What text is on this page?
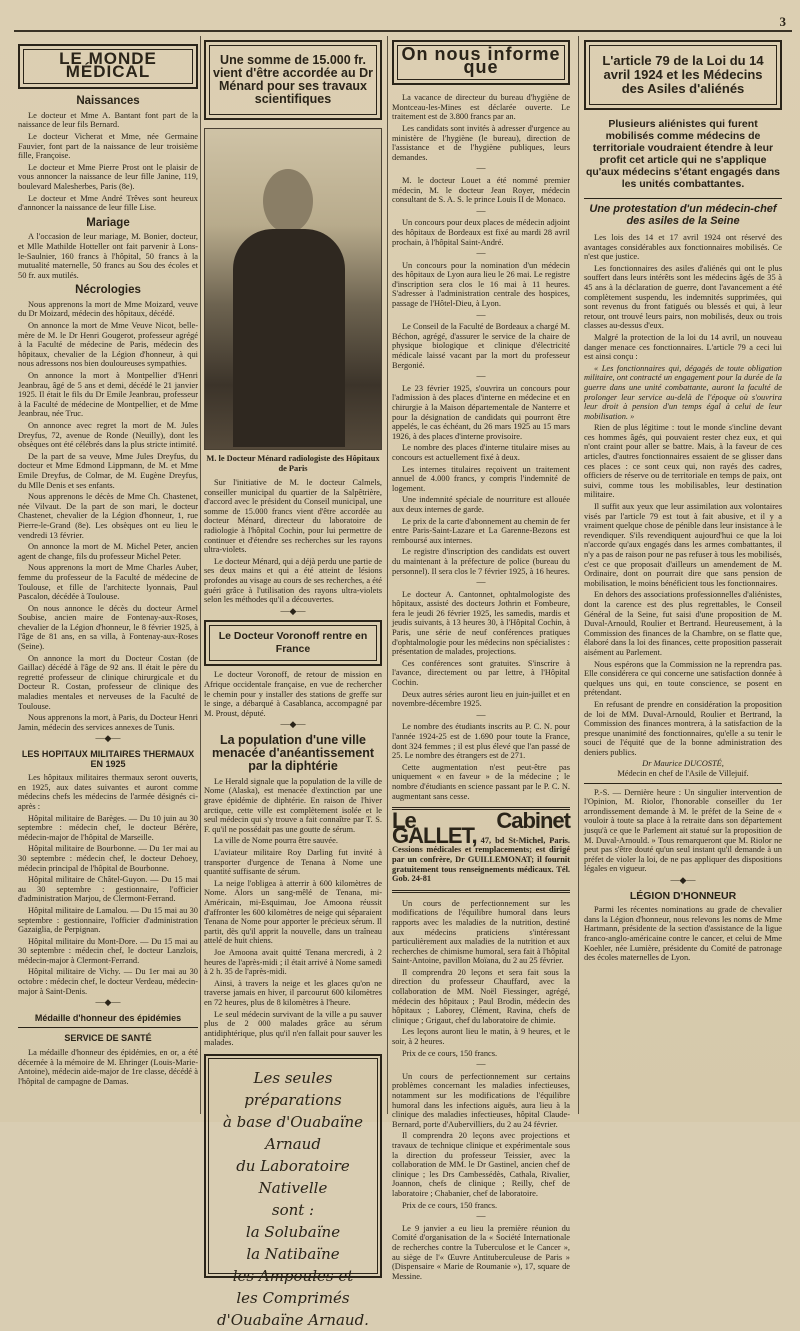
3
LE MONDE MÉDICAL
Naissances

Le docteur et Mme A. Bantant font part de la naissance de leur fils Bernard.

Le docteur Vicherat et Mme, née Germaine Fauvier, font part de la naissance de leur troisième fille, Françoise.

Le docteur et Mme Pierre Prost ont le plaisir de vous annoncer la naissance de leur fille Janine, 119, boulevard Malesherbes, Paris (8e).

Le docteur et Mme André Trêves sont heureux d'annoncer la naissance de leur fille Lise.

Mariage

A l'occasion de leur mariage, M. Bonier, docteur, et Mlle Mathilde Hotteller ont fait parvenir à Lons-le-Saulnier, 160 francs à l'hôpital, 50 francs à la mutualité maternelle, 50 francs au Sou des écoles et 50 fr. aux mutilés.

Nécrologies

Nous apprenons la mort de Mme Moizard, veuve du Dr Moizard, médecin des hôpitaux, décédé.

On annonce la mort de Mme Veuve Nicot, belle-mère de M. le Dr Henri Gougerot, professeur agrégé à la Faculté de médecine de Paris, médecin des hôpitaux, chevalier de la Légion d'honneur, à qui nous adressons nos bien douloureuses sympathies.

On annonce la mort à Montpellier d'Henri Jeanbrau, âgé de 5 ans et demi, décédé le 21 janvier 1925. Il était le fils du Dr Emile Jeanbrau, professeur à la Faculté de médecine de Montpellier, et de Mme Jeanbrau, née Truc.

On annonce avec regret la mort de M. Jules Dreyfus, 72, avenue de Ronde (Neuilly), dont les obsèques ont été célébrés dans la plus stricte intimité.

De la part de sa veuve, Mme Jules Dreyfus, du docteur et Mme Edmond Lippmann, de M. et Mme Emile Dreyfus, de Colmar, de M. Eugène Dreyfus, du Mlle Denis et ses enfants.

Nous apprenons le décès de Mme Ch. Chastenet, née Vilvaut. De la part de son mari, le docteur Chastenet, chevalier de la Légion d'honneur, 1, rue Pierre-le-Grand (8e). Les obsèques ont eu lieu le vendredi 13 février.

On annonce la mort de M. Michel Peter, ancien agent de change, fils du professeur Michel Peter.

Nous apprenons la mort de Mme Charles Auber, femme du professeur de la Faculté de médecine de Toulouse, et fille de l'architecte lyonnais, Paul Pascalon, décédée à Toulouse.

On nous annonce le décès du docteur Armel Soubise, ancien maire de Fontenay-aux-Roses, chevalier de la Légion d'honneur, le 8 février 1925, à l'âge de 81 ans, en sa villa, à Fontenay-aux-Roses (Seine).

On annonce la mort du Docteur Costan (de Gaillac) décédé à l'âge de 92 ans. Il était le père du regretté professeur de clinique chirurgicale et du Docteur R. Costan, professeur de clinique des maladies mentales et nerveuses de la Faculté de Toulouse.

Nous apprenons la mort, à Paris, du Docteur Henri Jamin, médecin des services annexes de Tunis.

—◆—
LES HOPITAUX MILITAIRES THERMAUX EN 1925

Les hôpitaux militaires thermaux seront ouverts, en 1925, aux dates suivantes et auront comme médecins chefs les médecins de l'armée désignés ci-après :

Hôpital militaire de Barèges. — Du 10 juin au 30 septembre : médecin chef, le docteur Bérère, médecin-major de l'hôpital de Marseille.

Hôpital militaire de Bourbonne. — Du 1er mai au 30 septembre : médecin chef, le docteur Dehoey, médecin principal de l'hôpital de Bourbonne.

Hôpital militaire de Châtel-Guyon. — Du 15 mai au 30 septembre : gestionnaire, l'officier d'administration Marjou, de Clermont-Ferrand.

Hôpital militaire de Lamalou. — Du 15 mai au 30 septembre : gestionnaire, l'officier d'administration Gazaiglia, de Perpignan.

Hôpital militaire du Mont-Dore. — Du 15 mai au 30 septembre : médecin chef, le docteur Lanzlois, médecin-major à Clermont-Ferrand.

Hôpital militaire de Vichy. — Du 1er mai au 30 octobre : médecin chef, le docteur Verdeau, médecin-major à Saint-Denis.

—◆—
Médaille d'honneur des épidémies
SERVICE DE SANTÉ

La médaille d'honneur des épidémies, en or, a été décernée à la mémoire de M. Ehringer (Louis-Marie-Antoine), médecin aide-major de 1re classe, décédé à l'hôpital de campagne de Damas.

Une somme de 15.000 fr. vient d'être accordée au Dr Ménard pour ses travaux scientifiques
M. le Docteur Ménard radiologiste des Hôpitaux de Paris

Sur l'initiative de M. le docteur Calmels, conseiller municipal du quartier de la Salpêtrière, d'accord avec le président du Conseil municipal, une somme de 15.000 francs vient d'être accordée au docteur Ménard, directeur du laboratoire de radiologie à l'hôpital Cochin, pour lui permettre de continuer et d'étendre ses recherches sur les rayons ultra-violets.

Le docteur Ménard, qui a déjà perdu une partie de ses deux mains et qui a été atteint de lésions profondes au visage au cours de ses recherches, a été guéri grâce à l'utilisation des rayons ultra-violets selon les méthodes qu'il a découvertes.

—◆—
Le Docteur Voronoff rentre en France

Le docteur Voronoff, de retour de mission en Afrique occidentale française, en vue de rechercher le chemin pour y installer des stations de greffe sur le singe, a débarqué à Casablanca, accompagné par M. Proust, député.

—◆—
La population d'une ville menacée d'anéantissement par la diphtérie

Le Herald signale que la population de la ville de Nome (Alaska), est menacée d'extinction par une grave épidémie de diphtérie. En raison de l'hiver arctique, cette ville est complètement isolée et le seul médecin qui s'y trouve a fait connaître par T. S. F. qu'il ne possédait pas une goutte de sérum.

La ville de Nome pourra être sauvée.

L'aviateur militaire Roy Darling fut invité à transporter d'urgence de Tenana à Nome une quantité suffisante de sérum.

La neige l'obligea à atterrir à 600 kilomètres de Nome. Alors un sang-mêlé de Tenana, mi-Américain, mi-Esquimau, Joe Amoona réussit d'affronter les 600 kilomètres de neige qui séparaient Tenana de Nome pour apporter le précieux sérum. Il partit, dès qu'il apprit la nouvelle, dans un traîneau attelé de huit chiens.

Joe Amoona avait quitté Tenana mercredi, à 2 heures de l'après-midi ; il était arrivé à Nome samedi à 2 h. 35 de l'après-midi.

Ainsi, à travers la neige et les glaces qu'on ne traverse jamais en hiver, il parcourut 600 kilomètres en 72 heures, plus de 8 kilomètres à l'heure.

Le seul médecin survivant de la ville a pu sauver plus de 2 000 malades grâce au sérum antidiphtérique, plus qu'il n'en fallait pour sauver les malades.

Les seules préparations
à base d'Ouabaïne Arnaud
du Laboratoire Nativelle
sont :
la Solubaïne
la Natibaïne
les Ampoules et
les Comprimés
d'Ouabaïne Arnaud.
On nous informe que

La vacance de directeur du bureau d'hygiène de Montceau-les-Mines est déclarée ouverte. Le traitement est de 3.800 francs par an.

Les candidats sont invités à adresser d'urgence au ministère de l'hygiène (le bureau), direction de l'assistance et de l'hygiène publiques, leurs demandes.

—

M. le docteur Louet a été nommé premier médecin, M. le docteur Jean Royer, médecin consultant de S. A. S. le prince Louis II de Monaco.

—

Un concours pour deux places de médecin adjoint des hôpitaux de Bordeaux est fixé au mardi 28 avril prochain, à l'hôpital Saint-André.

—

Un concours pour la nomination d'un médecin des hôpitaux de Lyon aura lieu le 26 mai. Le registre d'inscription sera clos le 16 mai à 11 heures. S'adresser à l'administration centrale des hospices, passage de l'Hôtel-Dieu, à Lyon.

—

Le Conseil de la Faculté de Bordeaux a chargé M. Béchon, agrégé, d'assurer le service de la chaire de physique biologique et clinique d'électricité médicale laissé vacant par la mort du professeur Bergonié.

—

Le 23 février 1925, s'ouvrira un concours pour l'admission à des places d'interne en médecine et en chirurgie à la Maison départementale de Nanterre et pour la désignation de candidats qui pourront être appelés, le cas échéant, du 26 mars 1925 au 15 mars 1926, à des places d'interne provisoire.

Le nombre des places d'interne titulaire mises au concours est actuellement fixé à deux.

Les internes titulaires reçoivent un traitement annuel de 4.000 francs, y compris l'indemnité de logement.

Une indemnité spéciale de nourriture est allouée aux deux internes de garde.

Le prix de la carte d'abonnement au chemin de fer entre Paris-Saint-Lazare et La Garenne-Bezons est remboursé aux internes.

Le registre d'inscription des candidats est ouvert du maintenant à la préfecture de police (bureau du personnel). Il sera clos le 7 février 1925, à 16 heures.

—

Le docteur A. Cantonnet, ophtalmologiste des hôpitaux, assisté des docteurs Jothrin et Fombeure, fera le jeudi 26 février 1925, les samedis, mardis et jeudis suivants, à 13 heures 30, à l'Hôpital Cochin, à Paris, une série de neuf conférences pratiques d'ophtalmologie pour les médecins non spécialistes : présentation de malades, projections.

Ces conférences sont gratuites. S'inscrire à l'avance, directement ou par lettre, à l'Hôpital Cochin.

Deux autres séries auront lieu en juin-juillet et en novembre-décembre 1925.

—

Le nombre des étudiants inscrits au P. C. N. pour l'année 1924-25 est de 1.690 pour toute la France, dont 324 femmes ; il est plus élevé que l'an passé de 25. Le nombre des étrangers est de 271.

Cette augmentation n'est peut-être pas uniquement « en faveur » de la médecine ; le nombre d'étudiants en science passant par le P. C. N. augmentant sans cesse.

Le Cabinet GALLET, 47, bd St-Michel, Paris. Cessions médicales et remplacements; est dirigé par un confrère, Dr GUILLEMONAT; il fournit gratuitement tous renseignements médicaux. Tél. Gob. 24-81

Un cours de perfectionnement sur les modifications de l'équilibre humoral dans leurs rapports avec les maladies de la nutrition, destiné aux médecins praticiens s'intéressant particulièrement aux maladies de la nutrition et aux recherches de chimisme humoral, sera fait à l'hôpital Saint-Antoine, pavillon Moïana, du 2 au 25 février.

Il comprendra 20 leçons et sera fait sous la direction du professeur Chauffard, avec la collaboration de MM. Noël Fiessinger, agrégé, médecin des hôpitaux ; Paul Brodin, médecin des hôpitaux ; Laborey, Clément, Ravina, chefs de clinique ; Grigaut, chef du laboratoire de chimie.

Les leçons auront lieu le matin, à 9 heures, et le soir, à 2 heures.

Prix de ce cours, 150 francs.

—

Un cours de perfectionnement sur certains problèmes concernant les maladies infectieuses, notamment sur les modifications de l'équilibre humoral dans les infections aiguës, aura lieu à la clinique des maladies infectieuses, hôpital Claude-Bernard, porte d'Aubervilliers, du 2 au 24 février.

Il comprendra 20 leçons avec projections et travaux de technique clinique et expérimentale sous la direction du professeur Teissier, avec la collaboration de MM. le Dr Gastinel, ancien chef de clinique ; les Drs Cambessédès, Cathala, Rivalier, Joannon, chefs de clinique ; Reilly, chef de laboratoire ; Chabanier, chef de laboratoire.

Prix de ce cours, 150 francs.

—

Le 9 janvier a eu lieu la première réunion du Comité d'organisation de la « Société Internationale de recherches contre la Tuberculose et le Cancer », au siège de l'« Œuvre Antituberculeuse de Paris » (Dispensaire « Marie de Roumanie »), 17, square de Messine.

L'article 79 de la Loi du 14 avril 1924 et les Médecins des Asiles d'aliénés
Plusieurs aliénistes qui furent mobilisés comme médecins de territoriale voudraient étendre à leur profit cet article qui ne s'applique qu'aux médecins s'étant engagés dans les unités combattantes.
Une protestation d'un médecin-chef des asiles de la Seine

Les lois des 14 et 17 avril 1924 ont réservé des avantages considérables aux fonctionnaires mobilisés. Ce n'est que justice.

Les fonctionnaires des asiles d'aliénés qui ont le plus souffert dans leurs intérêts sont les médecins âgés de 35 à 45 ans à la déclaration de guerre, dont l'avancement a été complètement suspendu, les indemnités supprimées, qui sont revenus du front fatigués ou blessés et qui, à leur retour, ont trouvé leurs pairs, non mobilisés, deux ou trois classes au-dessus d'eux.

Malgré la protection de la loi du 14 avril, un nouveau danger menace ces fonctionnaires. L'article 79 a ceci lui est ainsi conçu :

« Les fonctionnaires qui, dégagés de toute obligation militaire, ont contracté un engagement pour la durée de la guerre dans une unité combattante, auront la faculté de prolonger leur service au-delà de l'époque où s'ouvrira leur droit à pension d'un temps égal à celui de leur mobilisation. »

Rien de plus légitime : tout le monde s'incline devant ces hommes âgés, qui pouvaient rester chez eux, et qui n'ont craint pour aller se battre. Mais, à la faveur de ces articles, d'autres fonctionnaires essaient de se glisser dans ces places : ce sont ceux qui, non rayés des cadres, officiers de réserve ou de territoriale en temps de paix, ont suivi, comme tous les mobilisables, leur destination militaire.

Il suffit aux yeux que leur assimilation aux volontaires visés par l'article 79 est tout à fait abusive, et il y a vraiment quelque chose de pénible dans leur insistance à le revendiquer. S'ils revendiquent aujourd'hui ce que la loi n'accorde qu'aux engagés dans les armes combattantes, il n'y a pas de raison pour ne pas refuser à tous les mobilisés, c'est ce que proposait d'ailleurs un amendement de M. Ordinaire, dont on pourrait dire que sans pension de mobilisation, le moins bénéficient tous les fonctionnaires.

En dehors des associations professionnelles d'aliénistes, dont la carence est des plus regrettables, le Conseil Général de la Seine, fut saisi d'une proposition de M. Duval-Arnould, Roulier et Bertrand. Heureusement, à la Commission des finances de la Chambre, on se flatte que, élaboré dans la loi des finances, cette proposition passerait aisément au Parlement.

Nous espérons que la Commission ne la reprendra pas. Elle considérera ce qui concerne une satisfaction donnée à quelques uns qui, en toute conscience, se posent en prétendant.

En refusant de prendre en considération la proposition de loi de MM. Duval-Arnould, Roulier et Bertrand, la Commission des finances montrera, à la satisfaction de la presque unanimité des fonctionnaires, qu'elle a su tenir le souci de l'équité que de la bonne administration des deniers publics.

Dr Maurice DUCOSTÉ,
Médecin en chef de l'Asile de Villejuif.

P.-S. — Dernière heure : Un singulier intervention de l'Opinion, M. Riolor, l'honorable conseiller du 1er arrondissement demande à M. le préfet de la Seine de « vouloir à toute sa place à la retraite dans son département jusqu'à ce que le Parlement ait statué sur la proposition de M. Duval-Arnould. » Tous remarqueront que M. Riolor ne peut pas s'être douté qu'un seul instant qu'il demande à un préfet de violer la loi, de ne pas appliquer des dispositions légales en vigueur.

—◆—
LÉGION D'HONNEUR

Parmi les récentes nominations au grade de chevalier dans la Légion d'honneur, nous relevons les noms de Mme Hartmann, présidente de la section d'assistance de la ligue franco-anglo-américaine contre le cancer, et celui de Mme Koehler, née Lumière, présidente du Comité de patronage des écoles maternelles de Lyon.
